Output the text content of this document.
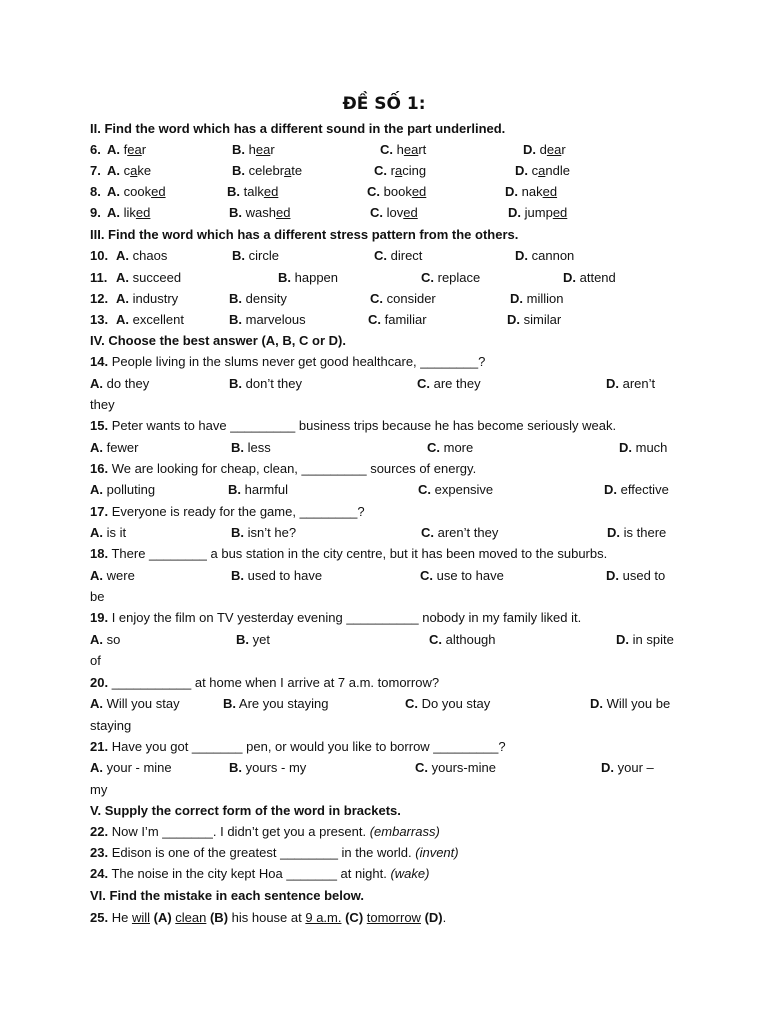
ĐỀ SỐ 1:
II. Find the word which has a different sound in the part underlined.
6. A. fear	B. hear	C. heart	D. dear
7. A. cake	B. celebrate	C. racing	D. candle
8. A. cooked	B. talked	C. booked	D. naked
9. A. liked	B. washed	C. loved	D. jumped
III. Find the word which has a different stress pattern from the others.
10. A. chaos	B. circle	C. direct	D. cannon
11. A. succeed	B. happen	C. replace	D. attend
12. A. industry	B. density	C. consider	D. million
13. A. excellent	B. marvelous	C. familiar	D. similar
IV. Choose the best answer (A, B, C or D).
14. People living in the slums never get good healthcare, ________?
A. do they	B. don’t they	C. are they	D. aren’t
they
15. Peter wants to have _________ business trips because he has become seriously weak.
A. fewer	B. less	C. more	D. much
16. We are looking for cheap, clean, _________ sources of energy.
A. polluting	B. harmful	C. expensive	D. effective
17. Everyone is ready for the game, ________?
A. is it	B. isn’t he?	C. aren’t they	D. is there
18. There ________ a bus station in the city centre, but it has been moved to the suburbs.
A. were	B. used to have	C. use to have	D. used to
be
19. I enjoy the film on TV yesterday evening __________ nobody in my family liked it.
A. so	B. yet	C. although	D. in spite
of
20. ___________ at home when I arrive at 7 a.m. tomorrow?
A. Will you stay	B. Are you staying	C. Do you stay	D. Will you be
staying
21. Have you got _______ pen, or would you like to borrow _________?
A. your - mine	B. yours - my	C. yours-mine	D. your –
my
V. Supply the correct form of the word in brackets.
22. Now I’m _______. I didn’t get you a present. (embarrass)
23. Edison is one of the greatest ________ in the world. (invent)
24. The noise in the city kept Hoa _______ at night. (wake)
VI. Find the mistake in each sentence below.
25. He will (A) clean (B) his house at 9 a.m. (C) tomorrow (D).
